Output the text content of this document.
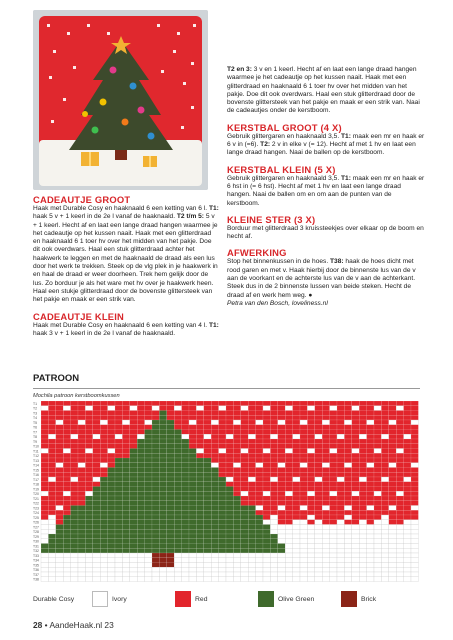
T2 en 3: 3 v en 1 keerl. Hecht af en laat een lange draad hangen waarmee je het cadeautje op het kussen naait. Haak met een glitterdraad en haaknaald 6 1 toer hv over het midden van het pakje. Doe dit ook overdwars. Haal een stuk glitterdraad door de bovenste glittersteek van het pakje en maak er een strik van. Naai de cadeautjes onder de kerstboom.

KERSTBAL GROOT (4 X)

Gebruik glittergaren en haaknaald 3,5. T1: maak een mr en haak er 6 v in (=6). T2: 2 v in elke v (= 12). Hecht af met 1 hv en laat een lange draad hangen. Naai de ballen op de kerstboom.

KERSTBAL KLEIN (5 X)

Gebruik glittergaren en haaknaald 3,5. T1: maak een mr en haak er 6 hst in (= 6 hst). Hecht af met 1 hv en laat een lange draad hangen. Naai de ballen om en om aan de punten van de kerstboom.

KLEINE STER (3 X)

Borduur met glitterdraad 3 kruissteekjes over elkaar op de boom en hecht af.

AFWERKING

Stop het binnenkussen in de hoes. T38: haak de hoes dicht met rood garen en met v. Haak hierbij door de binnenste lus van de v aan de voorkant en de achterste lus van de v aan de achterkant. Steek dus in de 2 binnenste lussen van beide steken. Hecht de draad af en werk hem weg. ●

Petra van den Bosch, loveliness.nl

CADEAUTJE GROOT

Haak met Durable Cosy en haaknaald 6 een ketting van 6 l. T1: haak 5 v + 1 keerl in de 2e l vanaf de haaknaald. T2 t/m 5: 5 v + 1 keerl. Hecht af en laat een lange draad hangen waarmee je het cadeautje op het kussen naait. Haak met een glitterdraad en haaknaald 6 1 toer hv over het midden van het pakje. Doe dit ook overdwars. Haal een stuk glitterdraad achter het haakwerk te leggen en met de haaknaald de draad als een lus door het werk te trekken. Steek op de vlg plek in je haakwerk in en haal de draad er weer doorheen. Trek hem gelijk door de lus. Zo borduur je als het ware met hv over je haakwerk heen. Haal een stukje glitterdraad door de bovenste glittersteek van het pakje en maak er een strik van.

CADEAUTJE KLEIN

Haak met Durable Cosy en haaknaald 6 een ketting van 4 l. T1: haak 3 v + 1 keerl in de 2e l vanaf de haaknaald.

PATROON
Mochila patroon kerstboomkussen
T1
T2
T3
T4
T5
T6
T7
T8
T9
T10
T11
T12
T13
T14
T15
T16
T17
T18
T19
T20
T21
T22
T23
T24
T25
T26
T27
T28
T29
T30
T31
T32
T33
T34
T35
T36
T37
T38
Durable Cosy	Ivory	Red	Olive Green	Brick
28 • AandeHaak.nl 23
